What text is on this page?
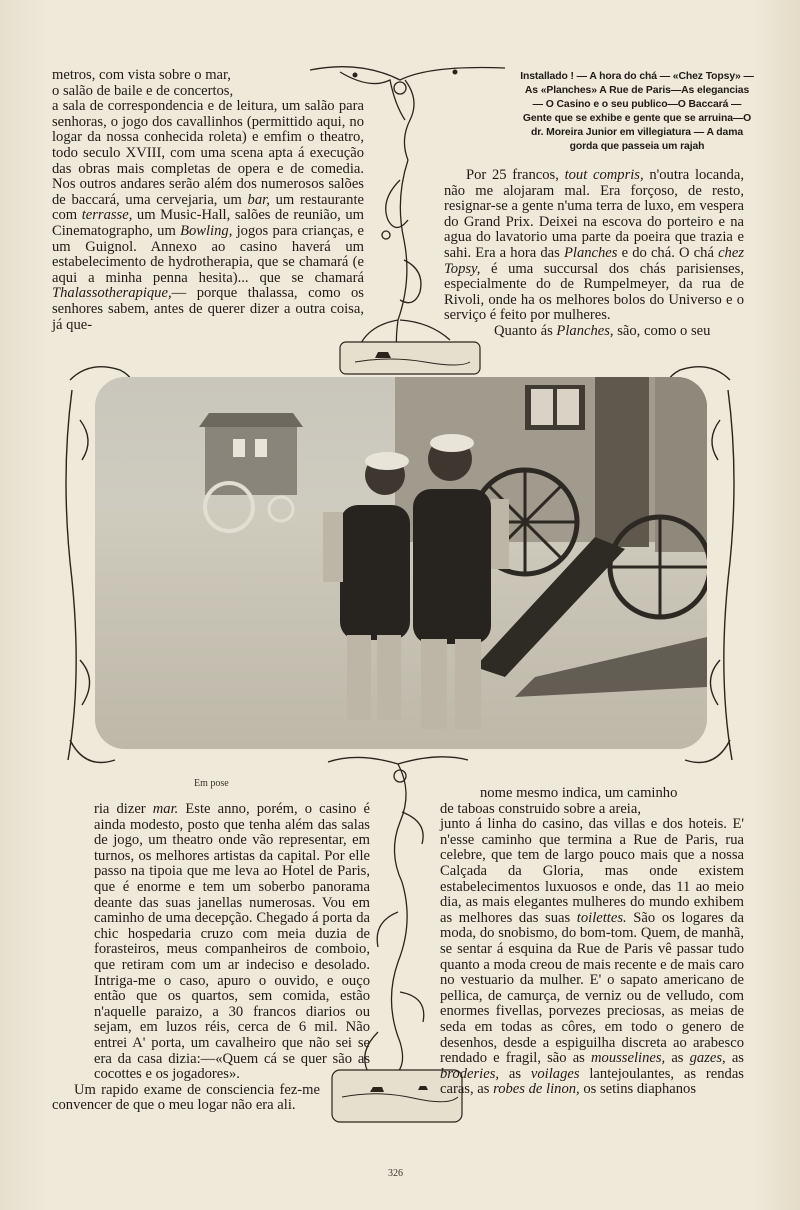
metros, com vista sobre o mar,

o salão de baile e de concertos,

a sala de correspondencia e de leitura, um salão para senhoras, o jogo dos cavallinhos (permittido aqui, no logar da nossa conhecida roleta) e emfim o theatro, todo seculo XVIII, com uma scena apta á execução das obras mais completas de opera e de comedia. Nos outros andares serão além dos numerosos salões de baccará, uma cervejaria, um bar, um restaurante com terrasse, um Music-Hall, salões de reunião, um Cinematographo, um Bowling, jogos para crianças, e um Guignol. Annexo ao casino haverá um estabelecimento de hydrotherapia, que se chamará (e aqui a minha penna hesita)... que se chamará Thalassotherapique,— porque thalassa, como os senhores sabem, antes de querer dizer a outra coisa, já que-

Installado ! — A hora do chá — «Chez Topsy» —As «Planches» A Rue de Paris—As elegancias — O Casino e o seu publico—O Baccará — Gente que se exhibe e gente que se arruina—O dr. Moreira Junior em villegiatura — A dama gorda que passeia um rajah

Por 25 francos, tout compris, n'outra locanda, não me alojaram mal. Era forçoso, de resto, resignar-se a gente n'uma terra de luxo, em vespera do Grand Prix. Deixei na escova do porteiro e na agua do lavatorio uma parte da poeira que trazia e sahi. Era a hora das Planches e do chá. O chá chez Topsy, é uma succursal dos chás parisienses, especialmente do de Rumpelmeyer, da rua de Rivoli, onde ha os melhores bolos do Universo e o serviço é feito por mulheres.

Quanto ás Planches, são, como o seu

Em pose

ria dizer mar. Este anno, porém, o casino é ainda modesto, posto que tenha além das salas de jogo, um theatro onde vão representar, em turnos, os melhores artistas da capital. Por elle passo na tipoia que me leva ao Hotel de Paris, que é enorme e tem um soberbo panorama deante das suas janellas numerosas. Vou em caminho de uma decepção. Chegado á porta da chic hospedaria cruzo com meia duzia de forasteiros, meus companheiros de comboio, que retiram com um ar indeciso e desolado. Intriga-me o caso, apuro o ouvido, e ouço então que os quartos, sem comida, estão n'aquelle paraizo, a 30 francos diarios ou sejam, em luzos réis, cerca de 6 mil. Não entrei A' porta, um cavalheiro que não sei se era da casa dizia:—«Quem cá se quer são as cocottes e os jogadores».

Um rapido exame de consciencia fez-me convencer de que o meu logar não era ali.

nome mesmo indica, um caminho

de taboas construido sobre a areia,

junto á linha do casino, das villas e dos hoteis. E' n'esse caminho que termina a Rue de Paris, rua celebre, que tem de largo pouco mais que a nossa Calçada da Gloria, mas onde existem estabelecimentos luxuosos e onde, das 11 ao meio dia, as mais elegantes mulheres do mundo exhibem as melhores das suas toilettes. São os logares da moda, do snobismo, do bom-tom. Quem, de manhã, se sentar á esquina da Rue de Paris vê passar tudo quanto a moda creou de mais recente e de mais caro no vestuario da mulher. E' o sapato americano de pellica, de camurça, de verniz ou de velludo, com enormes fivellas, porvezes preciosas, as meias de seda em todas as côres, em todo o genero de desenhos, desde a espiguilha discreta ao arabesco rendado e fragil, são as mousselines, as gazes, as broderies, as voilages lantejoulantes, as rendas caras, as robes de linon, os setins diaphanos

326
